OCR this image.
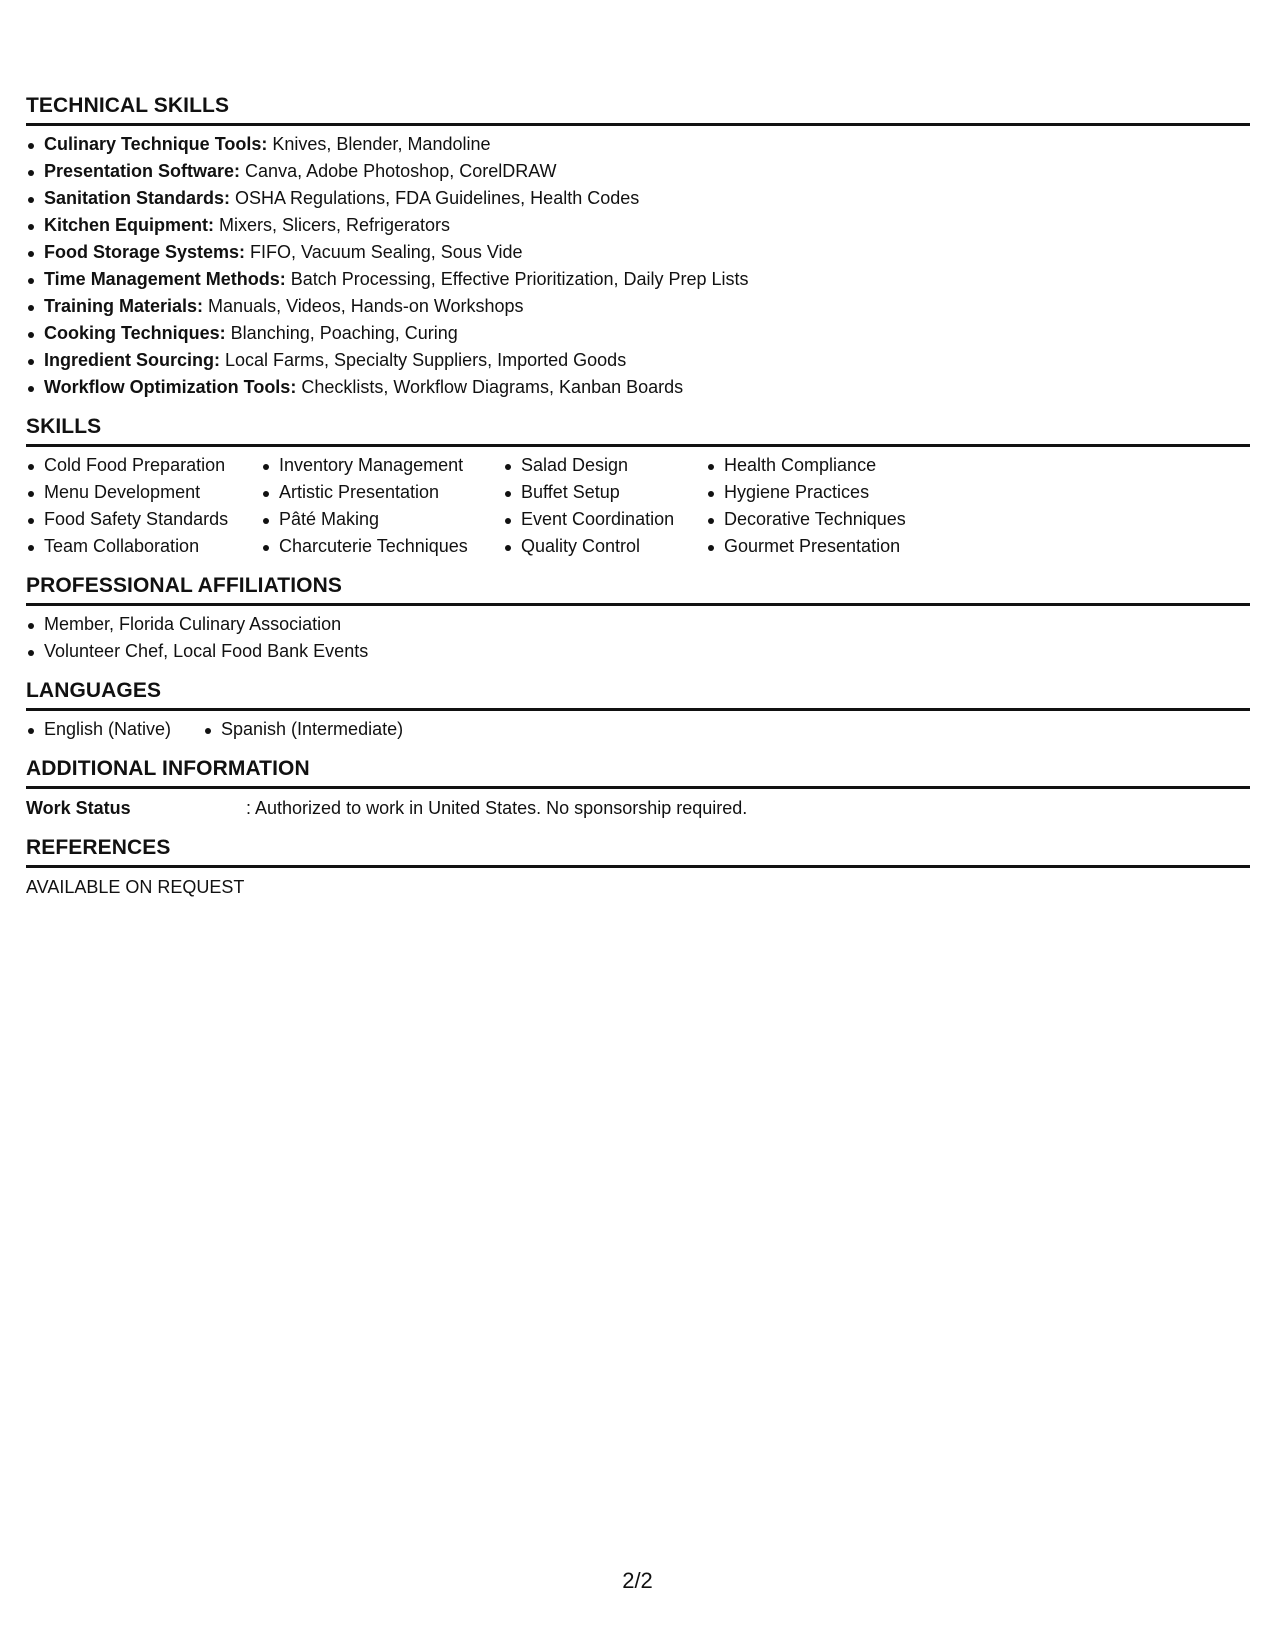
TECHNICAL SKILLS
Culinary Technique Tools: Knives, Blender, Mandoline
Presentation Software: Canva, Adobe Photoshop, CorelDRAW
Sanitation Standards: OSHA Regulations, FDA Guidelines, Health Codes
Kitchen Equipment: Mixers, Slicers, Refrigerators
Food Storage Systems: FIFO, Vacuum Sealing, Sous Vide
Time Management Methods: Batch Processing, Effective Prioritization, Daily Prep Lists
Training Materials: Manuals, Videos, Hands-on Workshops
Cooking Techniques: Blanching, Poaching, Curing
Ingredient Sourcing: Local Farms, Specialty Suppliers, Imported Goods
Workflow Optimization Tools: Checklists, Workflow Diagrams, Kanban Boards
SKILLS
Cold Food Preparation
Menu Development
Food Safety Standards
Team Collaboration
Inventory Management
Artistic Presentation
Pâté Making
Charcuterie Techniques
Salad Design
Buffet Setup
Event Coordination
Quality Control
Health Compliance
Hygiene Practices
Decorative Techniques
Gourmet Presentation
PROFESSIONAL AFFILIATIONS
Member, Florida Culinary Association
Volunteer Chef, Local Food Bank Events
LANGUAGES
English (Native)	Spanish (Intermediate)
ADDITIONAL INFORMATION
Work Status	: Authorized to work in United States. No sponsorship required.
REFERENCES
AVAILABLE ON REQUEST
2/2
